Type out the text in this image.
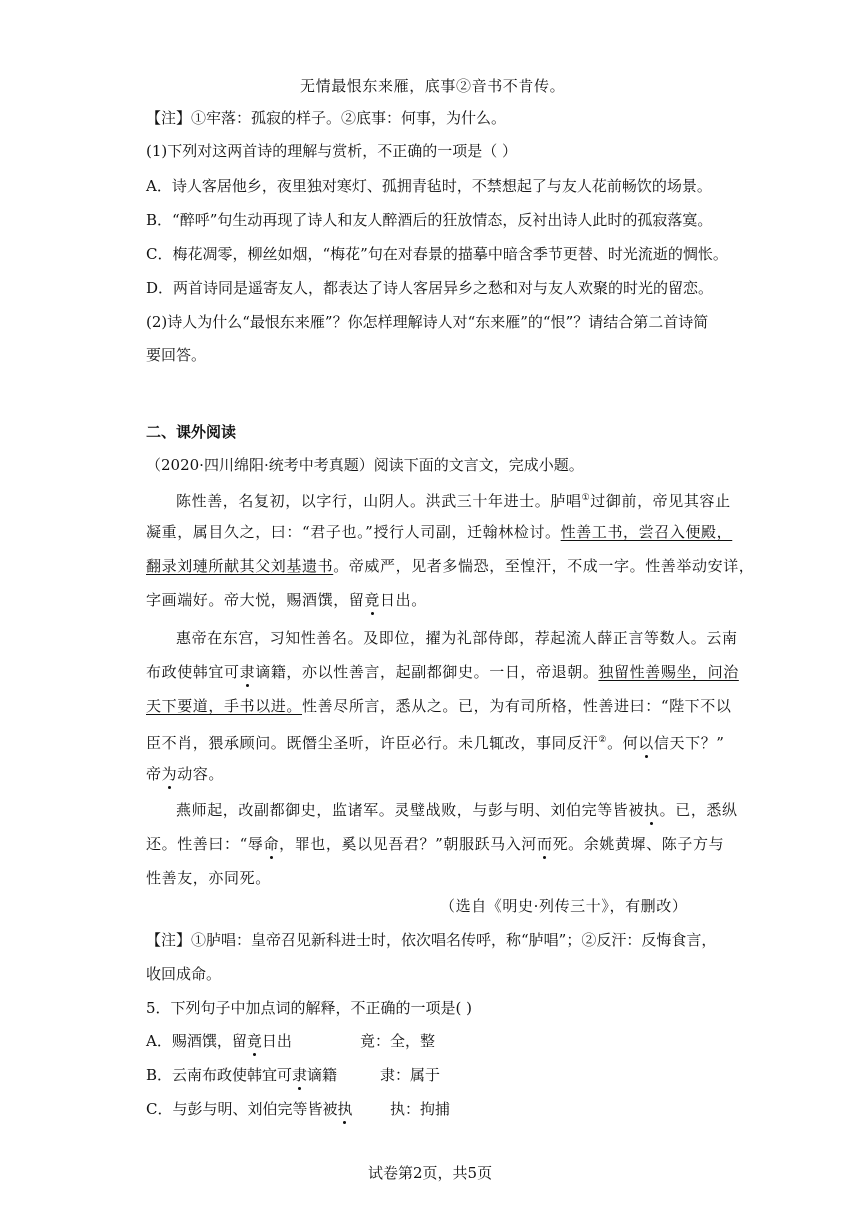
无情最恨东来雁，底事②音书不肯传。
【注】①牢落：孤寂的样子。②底事：何事，为什么。
(1)下列对这两首诗的理解与赏析，不正确的一项是（ ）
A．诗人客居他乡，夜里独对寒灯、孤拥青毡时，不禁想起了与友人花前畅饮的场景。
B．“醉呼”句生动再现了诗人和友人醉酒后的狂放情态，反衬出诗人此时的孤寂落寞。
C．梅花凋零，柳丝如烟，“梅花”句在对春景的描摹中暗含季节更替、时光流逝的惆怅。
D．两首诗同是遥寄友人，都表达了诗人客居异乡之愁和对与友人欢聚的时光的留恋。
(2)诗人为什么“最恨东来雁”？你怎样理解诗人对“东来雁”的“恨”？请结合第二首诗简
要回答。
二、课外阅读
（2020·四川绵阳·统考中考真题）阅读下面的文言文，完成小题。
陈性善，名复初，以字行，山阴人。洪武三十年进士。胪唱①过御前，帝见其容止
凝重，属目久之，曰：“君子也。”授行人司副，迁翰林检讨。性善工书，尝召入便殿，
翻录刘璉所献其父刘基遗书。帝威严，见者多惴恐，至惶汗，不成一字。性善举动安详，
字画端好。帝大悦，赐酒馔，留竟日出。
惠帝在东宫，习知性善名。及即位，擢为礼部侍郎，荐起流人薛正言等数人。云南
布政使韩宜可隶谪籍，亦以性善言，起副都御史。一日，帝退朝。独留性善赐坐，问治
天下要道，手书以进。性善尽所言，悉从之。已，为有司所格，性善进曰：“陛下不以
臣不肖，猥承顾问。既僭尘圣听，许臣必行。未几辄改，事同反汗②。何以信天下？”
帝为动容。
燕师起，改副都御史，监诸军。灵璧战败，与彭与明、刘伯完等皆被执。已，悉纵
还。性善曰：“辱命，罪也，奚以见吾君？”朝服跃马入河而死。余姚黄墀、陈子方与
性善友，亦同死。
（选自《明史·列传三十》，有删改）
【注】①胪唱：皇帝召见新科进士时，依次唱名传呼，称“胪唱”；②反汗：反悔食言，
收回成命。
5．下列句子中加点词的解释，不正确的一项是( )
A．赐酒馔，留竟日出	竟：全，整
B．云南布政使韩宜可隶谪籍	隶：属于
C．与彭与明、刘伯完等皆被执	执：拘捕
试卷第2页，共5页
